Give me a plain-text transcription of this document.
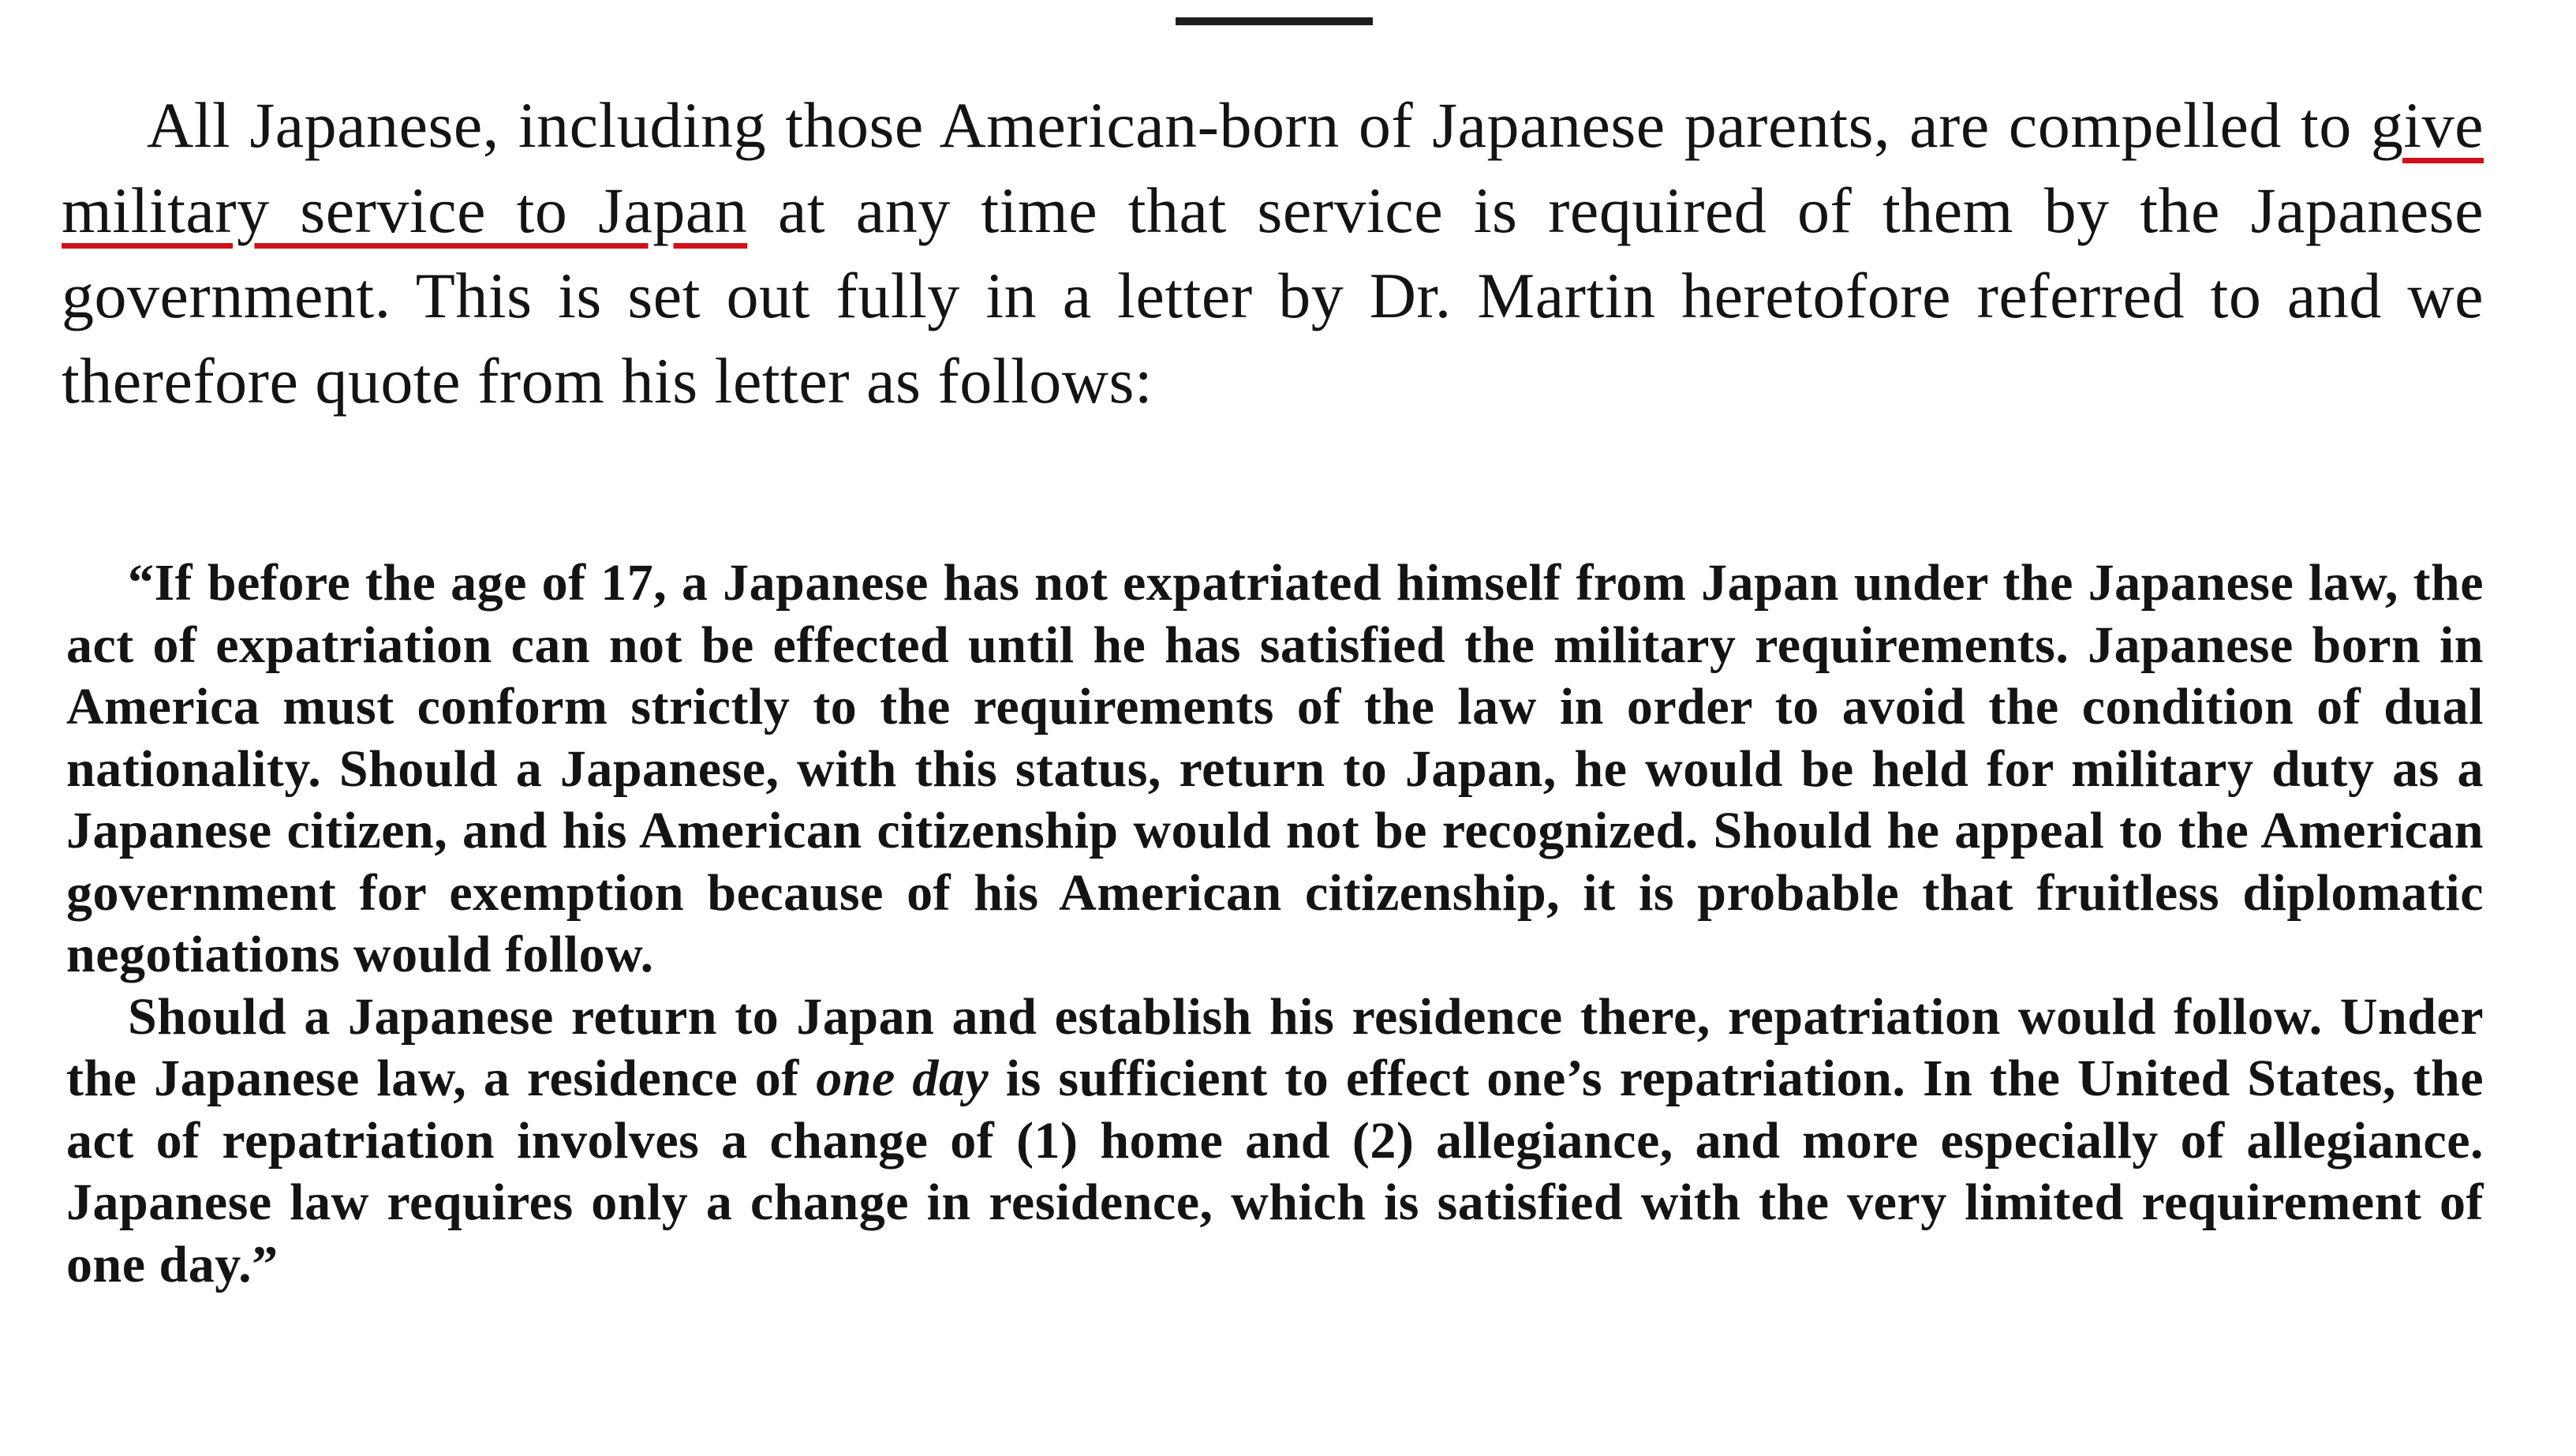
All Japanese, including those American-born of Japanese parents, are compelled to give military service to Japan at any time that service is required of them by the Japanese government. This is set out fully in a letter by Dr. Martin heretofore referred to and we therefore quote from his letter as follows:

“If before the age of 17, a Japanese has not expatriated himself from Japan under the Japanese law, the act of expatriation can not be effected until he has satisfied the military requirements. Japanese born in America must conform strictly to the requirements of the law in order to avoid the condition of dual nationality. Should a Japanese, with this status, return to Japan, he would be held for military duty as a Japanese citizen, and his American citizenship would not be recognized. Should he appeal to the American government for exemption because of his American citizenship, it is probable that fruitless diplomatic negotiations would follow.

Should a Japanese return to Japan and establish his residence there, repatriation would follow. Under the Japanese law, a residence of one day is sufficient to effect one’s repatriation. In the United States, the act of repatriation involves a change of (1) home and (2) allegiance, and more especially of allegiance. Japanese law requires only a change in residence, which is satisfied with the very limited requirement of one day.”
